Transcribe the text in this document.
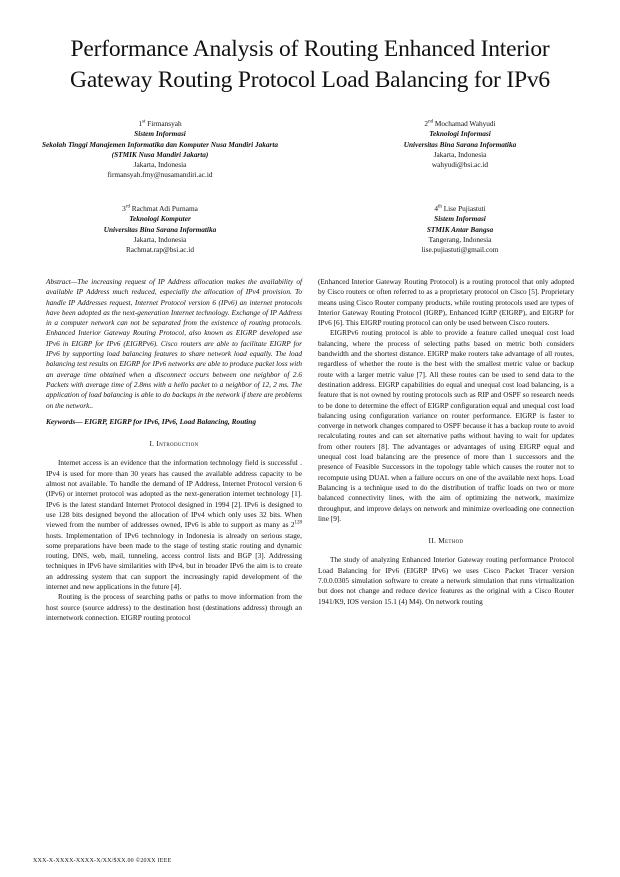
Performance Analysis of Routing Enhanced Interior Gateway Routing Protocol Load Balancing for IPv6
1st Firmansyah
Sistem Informasi
Sekolah Tinggi Manajemen Informatika dan Komputer Nusa Mandiri Jakarta (STMIK Nusa Mandiri Jakarta)
Jakarta, Indonesia
firmansyah.fmy@nusamandiri.ac.id
2nd Mochamad Wahyudi
Teknologi Informasi
Universitas Bina Sarana Informatika
Jakarta, Indonesia
wahyudi@bsi.ac.id
3rd Rachmat Adi Purnama
Teknologi Komputer
Universitas Bina Sarana Informatika
Jakarta, Indonesia
Rachmat.rap@bsi.ac.id
4th Lise Pujiastuti
Sistem Informasi
STMIK Antar Bangsa
Tangerang, Indonesia
lise.pujiastuti@gmail.com
Abstract—The increasing request of IP Address allocation makes the availability of available IP Address much reduced, especially the allocation of IPv4 provision. To handle IP Addresses request, Internet Protocol version 6 (IPv6) an internet protocols have been adopted as the next-generation Internet technology. Exchange of IP Address in a computer network can not be separated from the existence of routing protocols. Enhanced Interior Gateway Routing Protocol, also known as EIGRP developed use IPv6 in EIGRP for IPv6 (EIGRPv6). Cisco routers are able to facilitate EIGRP for IPv6 by supporting load balancing features to share network load equally. The load balancing test results on EIGRP for IPv6 networks are able to produce packet loss with an average time obtained when a disconnect occurs between one neighbor of 2.6 Packets with average time of 2.8ms with a hello packet to a neighbor of 12, 2 ms. The application of load balancing is able to do backups in the network if there are problems on the network..
Keywords— EIGRP, EIGRP for IPv6, IPv6, Load Balancing, Routing
I. Introduction

Internet access is an evidence that the information technology field is successful . IPv4 is used for more than 30 years has caused the available address capacity to be almost not available. To handle the demand of IP Address, Internet Protocol version 6 (IPv6) or internet protocol was adopted as the next-generation internet technology [1]. IPv6 is the latest standard Internet Protocol designed in 1994 [2]. IPv6 is designed to use 128 bits designed beyond the allocation of IPv4 which only uses 32 bits. When viewed from the number of addresses owned, IPv6 is able to support as many as $2^{128}$ hosts. Implementation of IPv6 technology in Indonesia is already on serious stage, some preparations have been made to the stage of testing static routing and dynamic routing, DNS, web, mail, tunneling, access control lists and BGP [3]. Addressing techniques in IPv6 have similarities with IPv4, but in broader IPv6 the aim is to create an addressing system that can support the increasingly rapid development of the internet and new applications in the future [4].

Routing is the process of searching paths or paths to move information from the host source (source address) to the destination host (destinations address) through an internetwork connection. EIGRP routing protocol

(Enhanced Interior Gateway Routing Protocol) is a routing protocol that only adopted by Cisco routers or often referred to as a proprietary protocol on Cisco [5]. Proprietary means using Cisco Router company products, while routing protocols used are types of Interior Gateway Routing Protocol (IGRP), Enhanced IGRP (EIGRP), and EIGRP for IPv6 [6]. This EIGRP routing protocol can only be used between Cisco routers.

EIGRPv6 routing protocol is able to provide a feature called unequal cost load balancing, where the process of selecting paths based on metric both considers bandwidth and the shortest distance. EIGRP make routers take advantage of all routes, regardless of whether the route is the best with the smallest metric value or backup route with a larger metric value [7]. All these routes can be used to send data to the destination address. EIGRP capabilities do equal and unequal cost load balancing, is a feature that is not owned by routing protocols such as RIP and OSPF so research needs to be done to determine the effect of EIGRP configuration equal and unequal cost load balancing using configuration variance on router performance. EIGRP is faster to converge in network changes compared to OSPF because it has a backup route to avoid recalculating routes and can set alternative paths without having to wait for updates from other routers [8]. The advantages or advantages of using EIGRP equal and unequal cost load balancing are the presence of more than 1 successors and the presence of Feasible Successors in the topology table which causes the router not to recompute using DUAL when a failure occurs on one of the available next hops. Load Balancing is a technique used to do the distribution of traffic loads on two or more balanced connectivity lines, with the aim of optimizing the network, maximize throughput, and improve delays on network and minimize overloading one connection line [9].

II. Method

The study of analyzing Enhanced Interior Gateway routing performance Protocol Load Balancing for IPv6 (EIGRP IPv6) we uses Cisco Packet Tracer version 7.0.0.0305 simulation software to create a network simulation that runs virtualization but does not change and reduce device features as the original with a Cisco Router 1941/K9, IOS version 15.1 (4) M4). On network routing

XXX-X-XXXX-XXXX-X/XX/$XX.00 ©20XX IEEE
